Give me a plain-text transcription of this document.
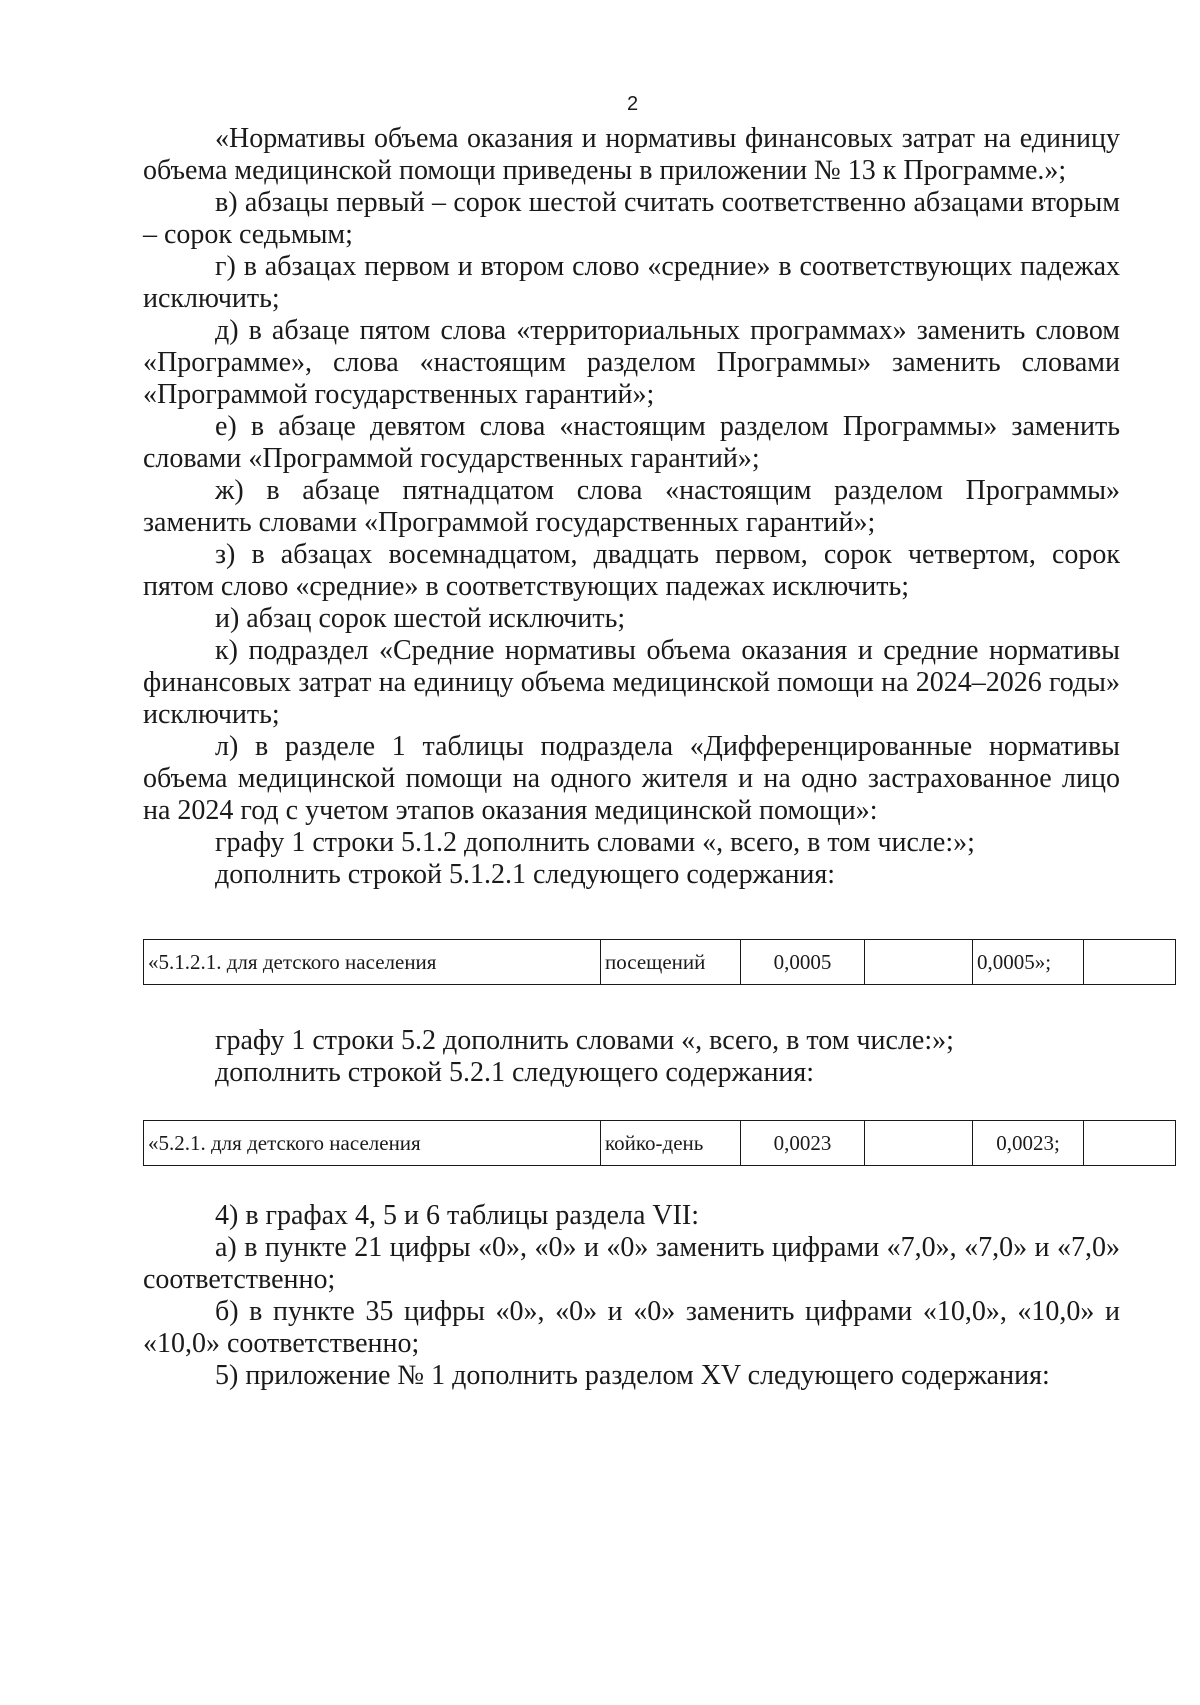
2

«Нормативы объема оказания и нормативы финансовых затрат на единицу объема медицинской помощи приведены в приложении № 13 к Программе.»;

в) абзацы первый – сорок шестой считать соответственно абзацами вторым – сорок седьмым;

г) в абзацах первом и втором слово «средние» в соответствующих падежах исключить;

д) в абзаце пятом слова «территориальных программах» заменить словом «Программе», слова «настоящим разделом Программы» заменить словами «Программой государственных гарантий»;

е) в абзаце девятом слова «настоящим разделом Программы» заменить словами «Программой государственных гарантий»;

ж) в абзаце пятнадцатом слова «настоящим разделом Программы» заменить словами «Программой государственных гарантий»;

з) в абзацах восемнадцатом, двадцать первом, сорок четвертом, сорок пятом слово «средние» в соответствующих падежах исключить;

и) абзац сорок шестой исключить;

к) подраздел «Средние нормативы объема оказания и средние нормативы финансовых затрат на единицу объема медицинской помощи на 2024–2026 годы» исключить;

л) в разделе 1 таблицы подраздела «Дифференцированные нормативы объема медицинской помощи на одного жителя и на одно застрахованное лицо на 2024 год с учетом этапов оказания медицинской помощи»:

графу 1 строки 5.1.2 дополнить словами «, всего, в том числе:»;

дополнить строкой 5.1.2.1 следующего содержания:

«5.1.2.1. для детского населения	посещений	0,0005		0,0005»;	

графу 1 строки 5.2 дополнить словами «, всего, в том числе:»;

дополнить строкой 5.2.1 следующего содержания:

«5.2.1. для детского населения	койко-день	0,0023		0,0023;	

4) в графах 4, 5 и 6 таблицы раздела VII:

а) в пункте 21 цифры «0», «0» и «0» заменить цифрами «7,0», «7,0» и «7,0» соответственно;

б) в пункте 35 цифры «0», «0» и «0» заменить цифрами «10,0», «10,0» и «10,0» соответственно;

5) приложение № 1 дополнить разделом XV следующего содержания:
